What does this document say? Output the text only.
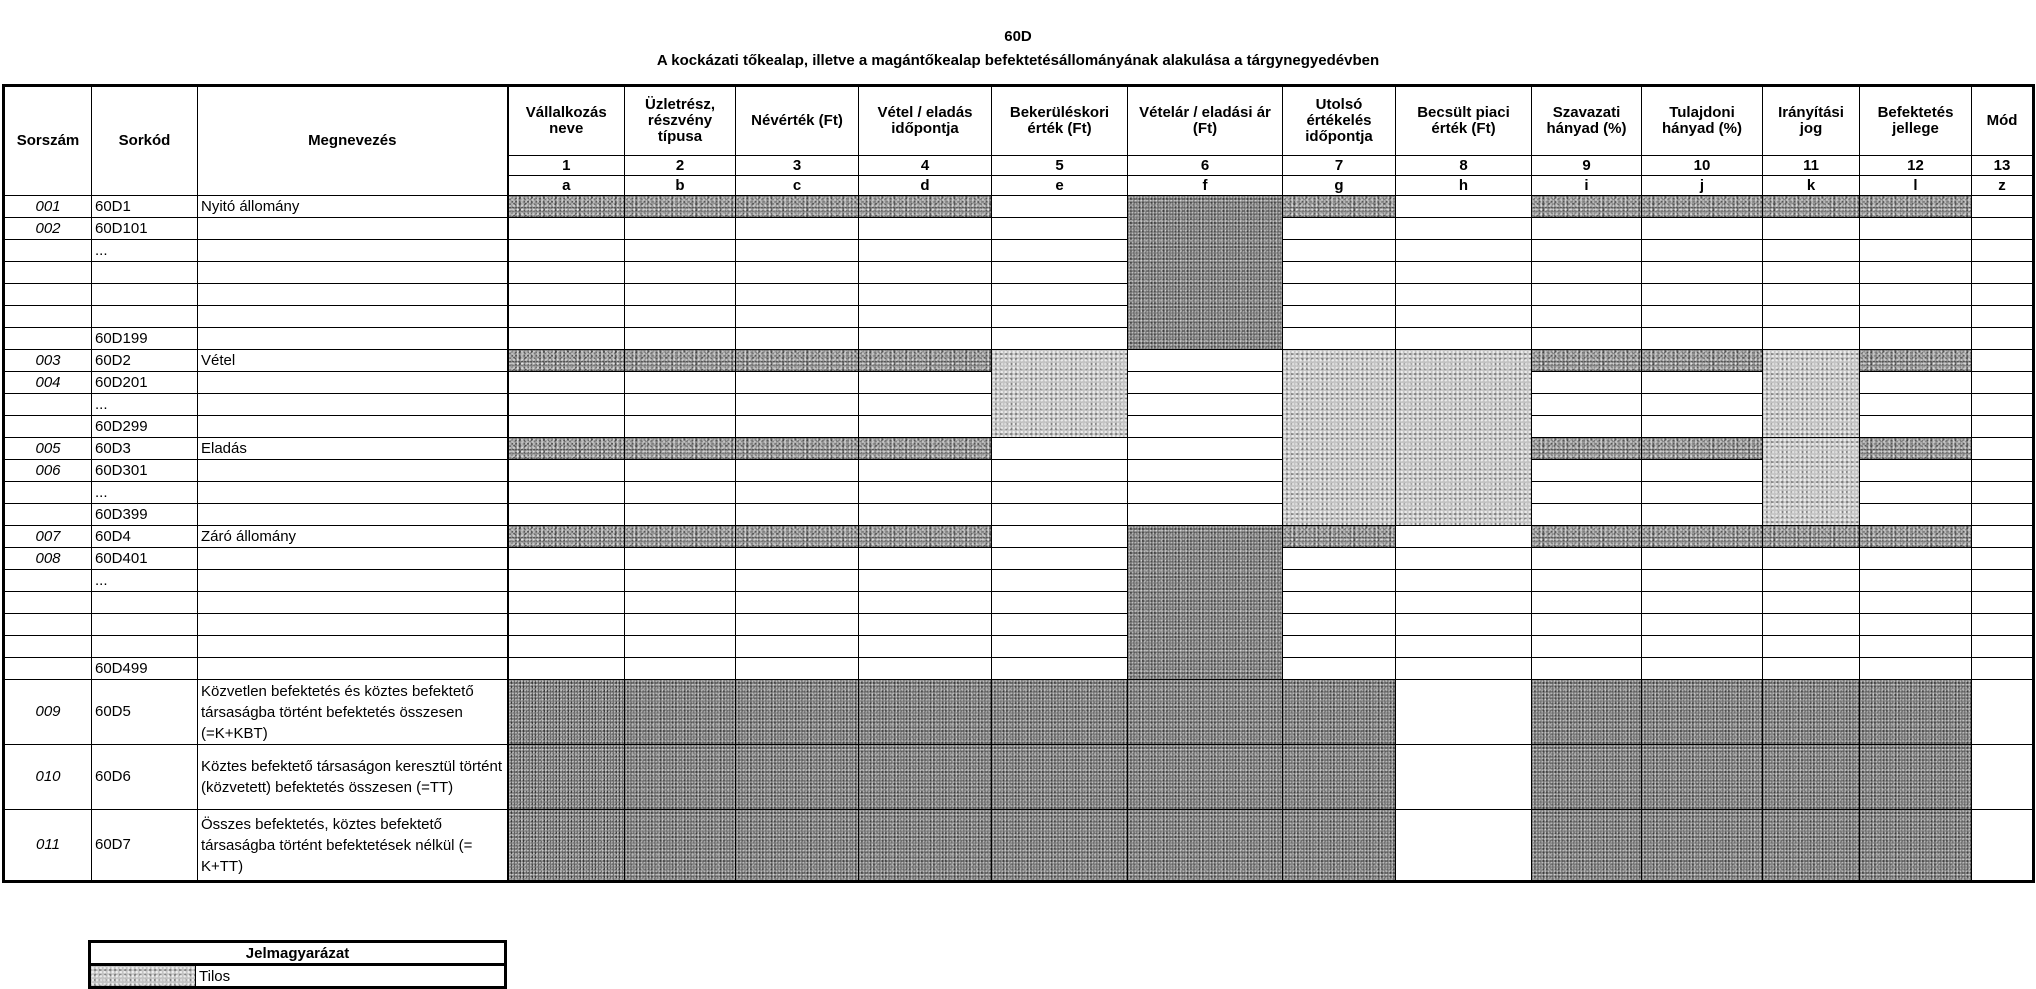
60D
A kockázati tőkealap, illetve a magántőkealap befektetésállományának alakulása a tárgynegyedévben
Sorszám	Sorkód	Megnevezés	Vállalkozás neve	Üzletrész, részvény típusa	Névérték (Ft)	Vétel / eladás időpontja	Bekerüléskori érték (Ft)	Vételár / eladási ár (Ft)	Utolsó értékelés időpontja	Becsült piaci érték (Ft)	Szavazati hányad (%)	Tulajdoni hányad (%)	Irányítási jog	Befektetés jellege	Mód
			1	2	3	4	5	6	7	8	9	10	11	12	13
			a	b	c	d	e	f	g	h	i	j	k	l	z
001	60D1	Nyitó állomány													
002	60D101														
	...														

	60D199														
003	60D2	Vétel													
004	60D201														
	...														
	60D299														
005	60D3	Eladás													
006	60D301														
	...														
	60D399														
007	60D4	Záró állomány													
008	60D401														
	...														

	60D499														
009	60D5	Közvetlen befektetés és köztes befektető társaságba történt befektetés összesen (=K+KBT)													
010	60D6	Köztes befektető társaságon keresztül történt (közvetett) befektetés összesen (=TT)													
011	60D7	Összes befektetés, köztes befektető társaságba történt befektetések nélkül (= K+TT)													
Jelmagyarázat
	Tilos
